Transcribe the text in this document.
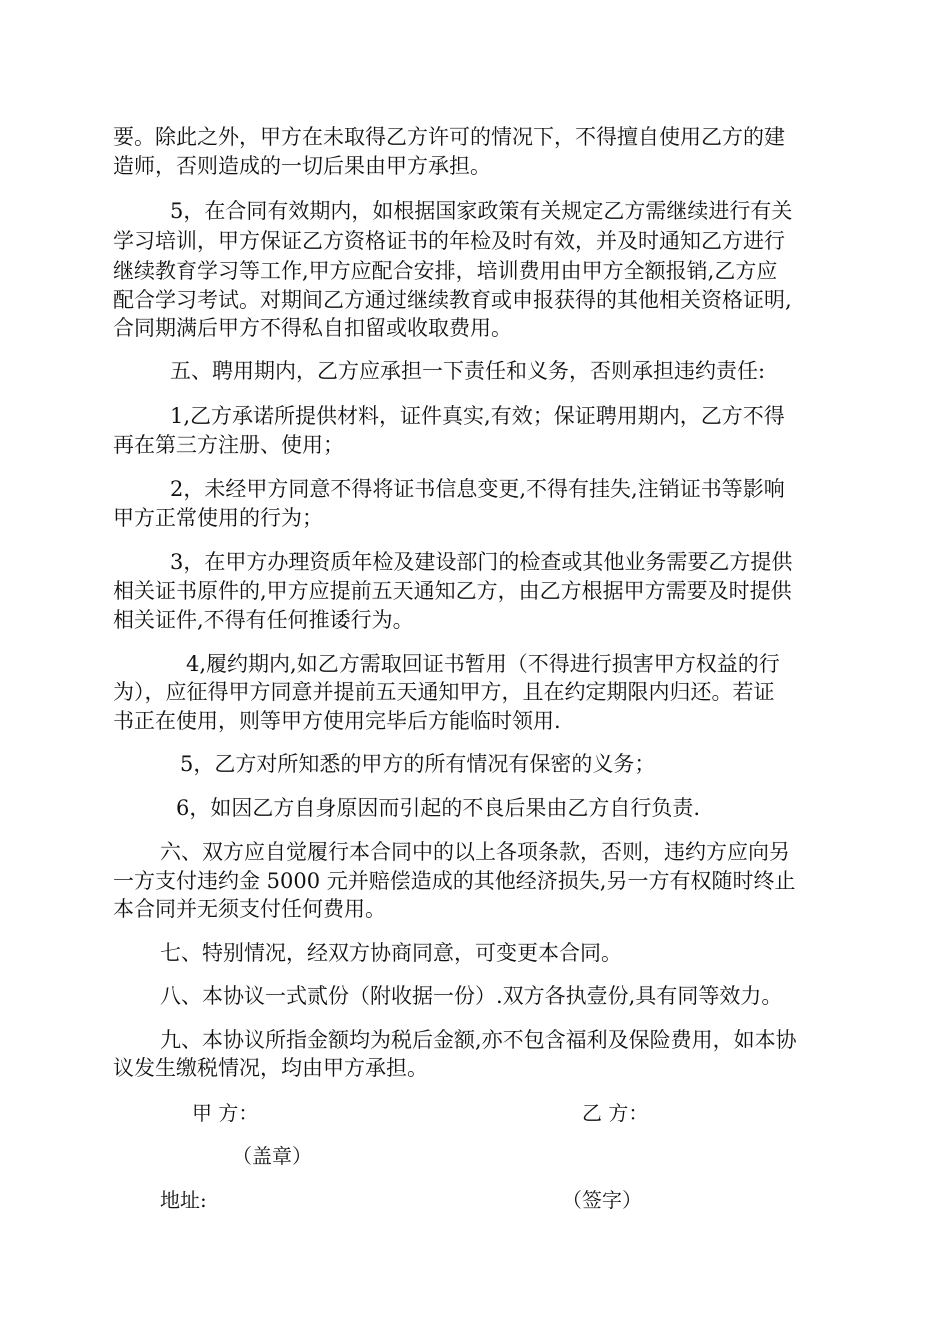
要。除此之外，甲方在未取得乙方许可的情况下，不得擅自使用乙方的建
造师，否则造成的一切后果由甲方承担。
5，在合同有效期内，如根据国家政策有关规定乙方需继续进行有关
学习培训，甲方保证乙方资格证书的年检及时有效，并及时通知乙方进行
继续教育学习等工作,甲方应配合安排，培训费用由甲方全额报销,乙方应
配合学习考试。对期间乙方通过继续教育或申报获得的其他相关资格证明,
合同期满后甲方不得私自扣留或收取费用。
五、聘用期内，乙方应承担一下责任和义务，否则承担违约责任:
1,乙方承诺所提供材料，证件真实,有效；保证聘用期内，乙方不得
再在第三方注册、使用；
2，未经甲方同意不得将证书信息变更,不得有挂失,注销证书等影响
甲方正常使用的行为；
3，在甲方办理资质年检及建设部门的检查或其他业务需要乙方提供
相关证书原件的,甲方应提前五天通知乙方，由乙方根据甲方需要及时提供
相关证件,不得有任何推诿行为。
4,履约期内,如乙方需取回证书暂用（不得进行损害甲方权益的行
为），应征得甲方同意并提前五天通知甲方，且在约定期限内归还。若证
书正在使用，则等甲方使用完毕后方能临时领用.
5，乙方对所知悉的甲方的所有情况有保密的义务；
6，如因乙方自身原因而引起的不良后果由乙方自行负责.
六、双方应自觉履行本合同中的以上各项条款，否则，违约方应向另
一方支付违约金 5000 元并赔偿造成的其他经济损失,另一方有权随时终止
本合同并无须支付任何费用。
七、特别情况，经双方协商同意，可变更本合同。
八、本协议一式贰份（附收据一份）.双方各执壹份,具有同等效力。
九、本协议所指金额均为税后金额,亦不包含福利及保险费用，如本协
议发生缴税情况，均由甲方承担。
甲 方：	乙 方：
（盖章）
地址:	（签字）
